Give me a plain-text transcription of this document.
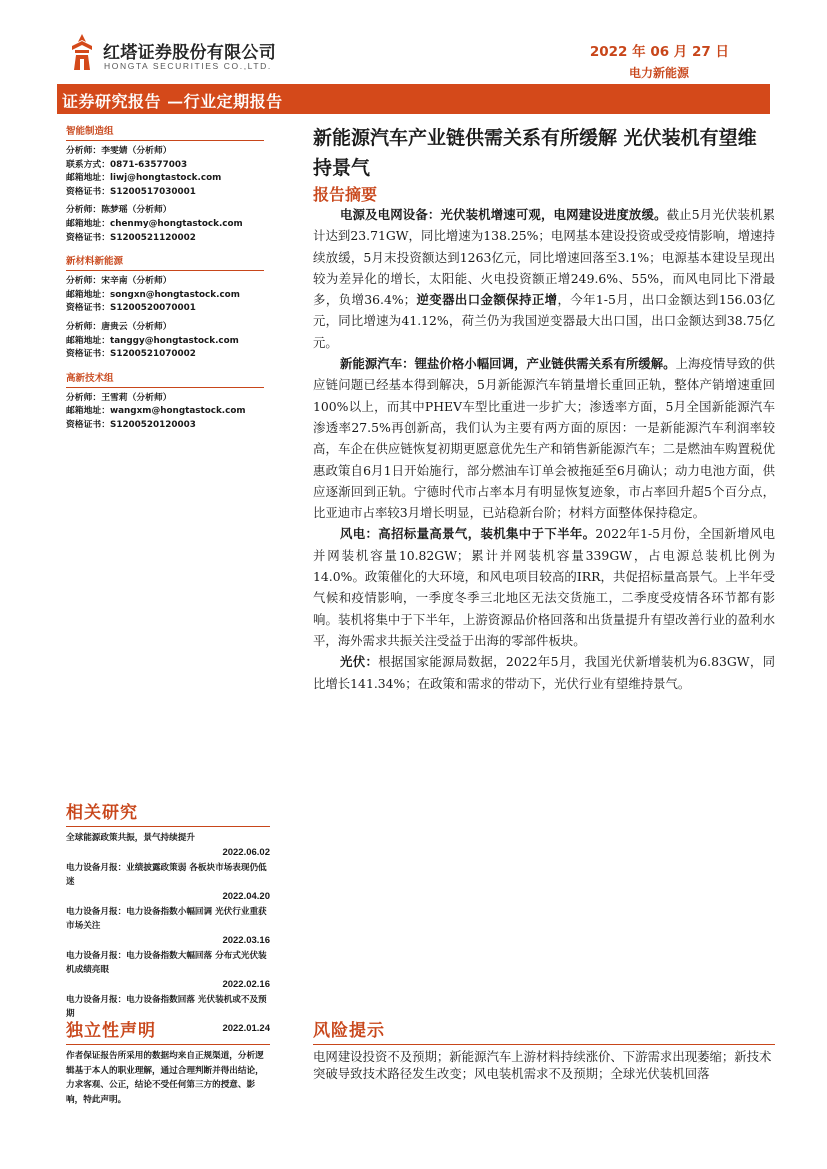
红塔证券股份有限公司
HONGTA SECURITIES CO.,LTD.
2022 年 06 月 27 日
电力新能源
证券研究报告 —行业定期报告
智能制造组
分析师：李雯婧（分析师）
联系方式：0871-63577003
邮箱地址：liwj@hongtastock.com
资格证书：S1200517030001
分析师：陈梦瑶（分析师）
邮箱地址：chenmy@hongtastock.com
资格证书：S1200521120002
新材料新能源
分析师：宋辛南（分析师）
邮箱地址：songxn@hongtastock.com
资格证书：S1200520070001
分析师：唐贵云（分析师）
邮箱地址：tanggy@hongtastock.com
资格证书：S1200521070002
高新技术组
分析师：王雪莉（分析师）
邮箱地址：wangxm@hongtastock.com
资格证书：S1200520120003
相关研究
全球能源政策共振，景气持续提升
2022.06.02
电力设备月报：业绩披露政策弱 各板块市场表现仍低迷
2022.04.20
电力设备月报：电力设备指数小幅回调 光伏行业重获市场关注
2022.03.16
电力设备月报：电力设备指数大幅回落 分布式光伏装机成绩亮眼
2022.02.16
电力设备月报：电力设备指数回落 光伏装机或不及预期
2022.01.24
独立性声明
作者保证报告所采用的数据均来自正规渠道，分析逻辑基于本人的职业理解，通过合理判断并得出结论，力求客观、公正，结论不受任何第三方的授意、影响，特此声明。
新能源汽车产业链供需关系有所缓解 光伏装机有望维持景气
报告摘要

电源及电网设备：光伏装机增速可观，电网建设进度放缓。截止5月光伏装机累计达到23.71GW，同比增速为138.25%；电网基本建设投资或受疫情影响，增速持续放缓，5月末投资额达到1263亿元，同比增速回落至3.1%；电源基本建设呈现出较为差异化的增长，太阳能、火电投资额正增249.6%、55%，而风电同比下滑最多，负增36.4%；逆变器出口金额保持正增，今年1-5月，出口金额达到156.03亿元，同比增速为41.12%，荷兰仍为我国逆变器最大出口国，出口金额达到38.75亿元。

新能源汽车：锂盐价格小幅回调，产业链供需关系有所缓解。上海疫情导致的供应链问题已经基本得到解决，5月新能源汽车销量增长重回正轨，整体产销增速重回100%以上，而其中PHEV车型比重进一步扩大；渗透率方面，5月全国新能源汽车渗透率27.5%再创新高，我们认为主要有两方面的原因：一是新能源汽车利润率较高，车企在供应链恢复初期更愿意优先生产和销售新能源汽车；二是燃油车购置税优惠政策自6月1日开始施行，部分燃油车订单会被拖延至6月确认；动力电池方面，供应逐渐回到正轨。宁德时代市占率本月有明显恢复迹象，市占率回升超5个百分点，比亚迪市占率较3月增长明显，已站稳新台阶；材料方面整体保持稳定。

风电：高招标量高景气，装机集中于下半年。2022年1-5月份，全国新增风电并网装机容量10.82GW；累计并网装机容量339GW，占电源总装机比例为14.0%。政策催化的大环境，和风电项目较高的IRR，共促招标量高景气。上半年受气候和疫情影响，一季度冬季三北地区无法交货施工，二季度受疫情各环节都有影响。装机将集中于下半年，上游资源品价格回落和出货量提升有望改善行业的盈利水平，海外需求共振关注受益于出海的零部件板块。

光伏：根据国家能源局数据，2022年5月，我国光伏新增装机为6.83GW，同比增长141.34%；在政策和需求的带动下，光伏行业有望维持景气。

风险提示
电网建设投资不及预期；新能源汽车上游材料持续涨价、下游需求出现萎缩；新技术突破导致技术路径发生改变；风电装机需求不及预期；全球光伏装机回落
